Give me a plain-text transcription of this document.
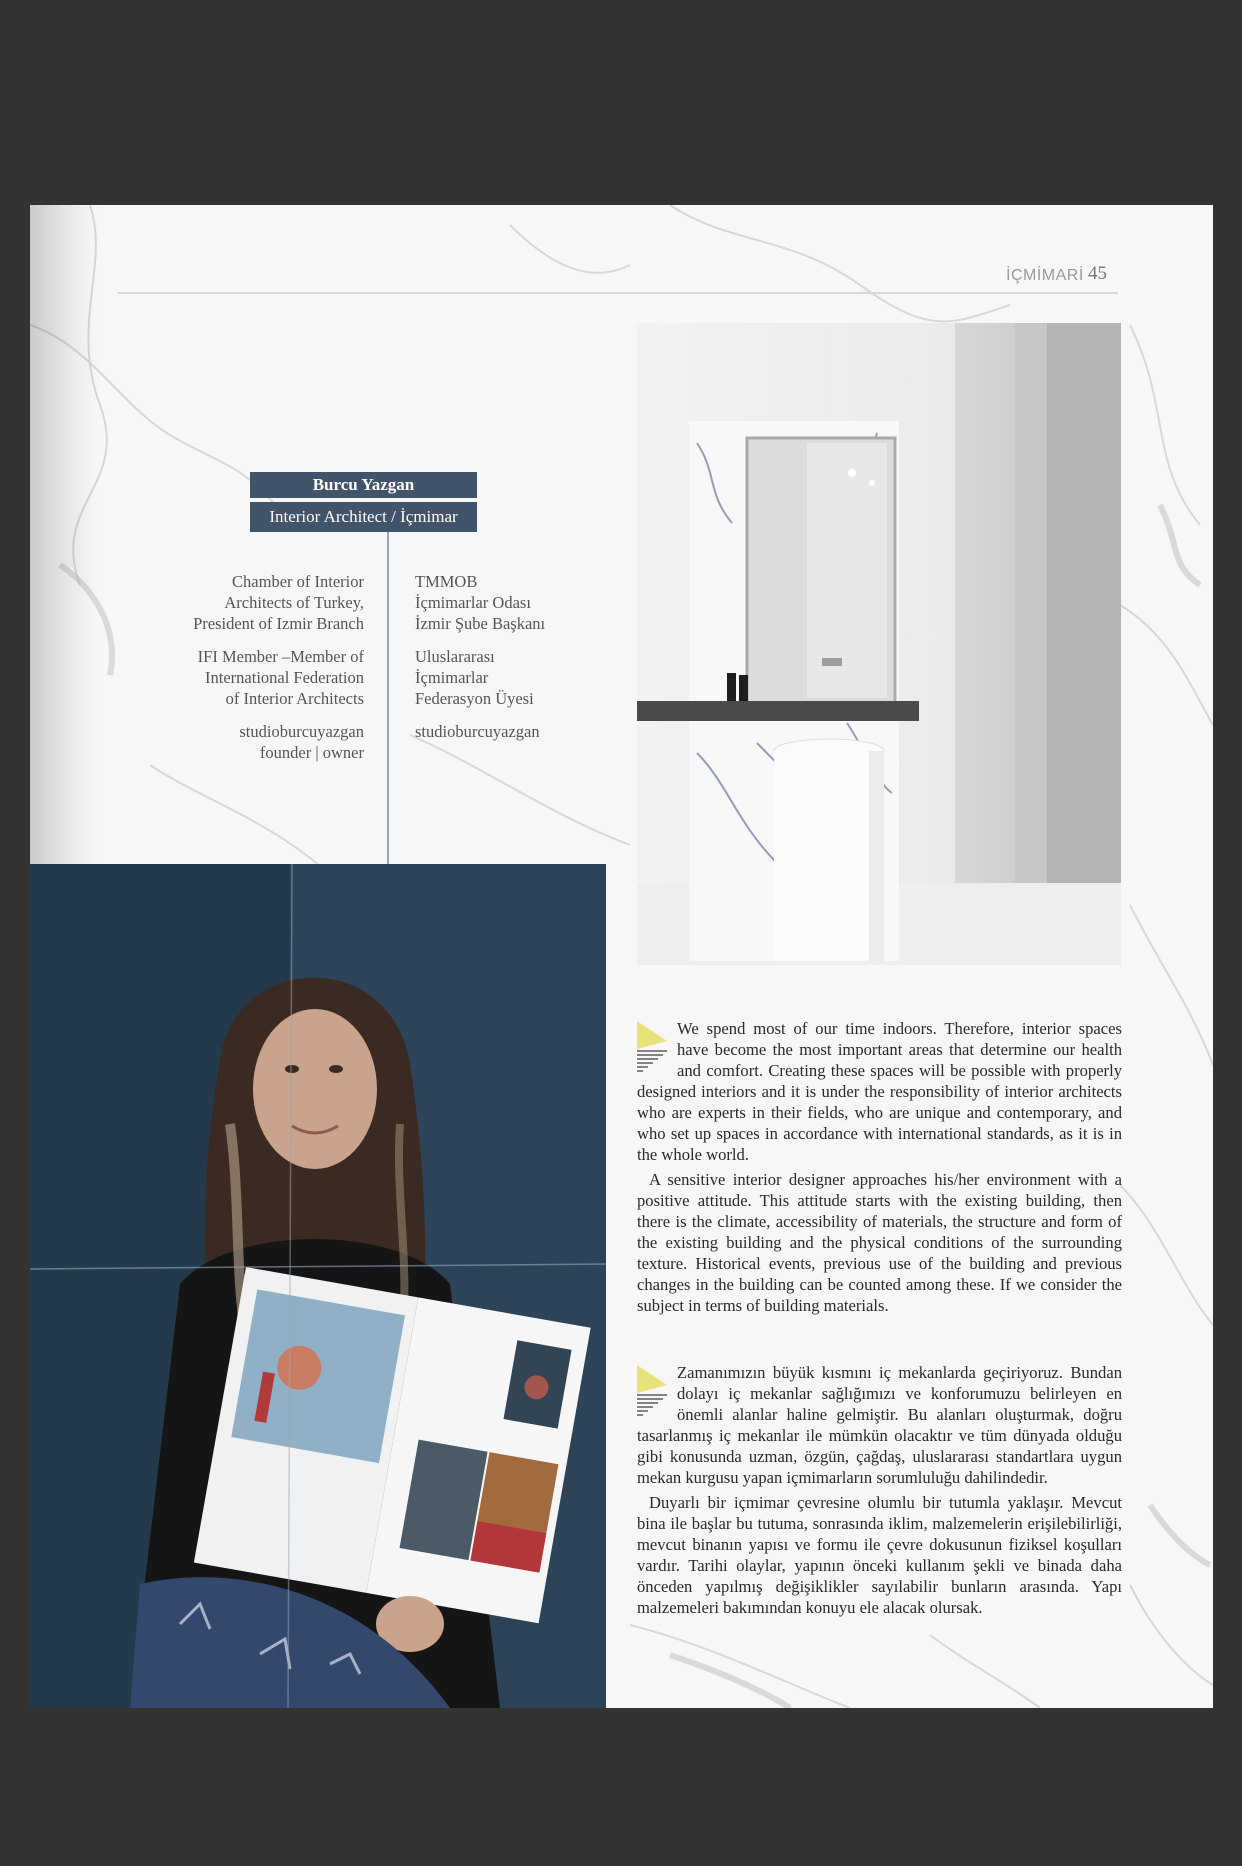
İÇMİMARİ 45
Burcu Yazgan
Interior Architect / İçmimar
Chamber of Interior
Architects of Turkey,
President of Izmir Branch
IFI Member –Member of
International Federation
of Interior Architects
studioburcuyazgan
founder | owner
TMMOB
İçmimarlar Odası
İzmir Şube Başkanı
Uluslararası
İçmimarlar
Federasyon Üyesi
studioburcuyazgan

We spend most of our time indoors. Therefore, interior spaces have become the most important areas that determine our health and comfort. Creating these spaces will be possible with properly designed interiors and it is under the responsibility of interior architects who are experts in their fields, who are unique and contemporary, and who set up spaces in accordance with international standards, as it is in the whole world.

A sensitive interior designer approaches his/her environment with a positive attitude. This attitude starts with the existing building, then there is the climate, accessibility of materials, the structure and form of the existing building and the physical conditions of the surrounding texture. Historical events, previous use of the building and previous changes in the building can be counted among these. If we consider the subject in terms of building materials.

Zamanımızın büyük kısmını iç mekanlarda geçiriyoruz. Bundan dolayı iç mekanlar sağlığımızı ve konforumuzu belirleyen en önemli alanlar haline gelmiştir. Bu alanları oluşturmak, doğru tasarlanmış iç mekanlar ile mümkün olacaktır ve tüm dünyada olduğu gibi konusunda uzman, özgün, çağdaş, uluslararası standartlara uygun mekan kurgusu yapan içmimarların sorumluluğu dahilindedir.

Duyarlı bir içmimar çevresine olumlu bir tutumla yaklaşır. Mevcut bina ile başlar bu tutuma, sonrasında iklim, malzemelerin erişilebilirliği, mevcut binanın yapısı ve formu ile çevre dokusunun fiziksel koşulları vardır. Tarihi olaylar, yapının önceki kullanım şekli ve binada daha önceden yapılmış değişiklikler sayılabilir bunların arasında. Yapı malzemeleri bakımından konuyu ele alacak olursak.
